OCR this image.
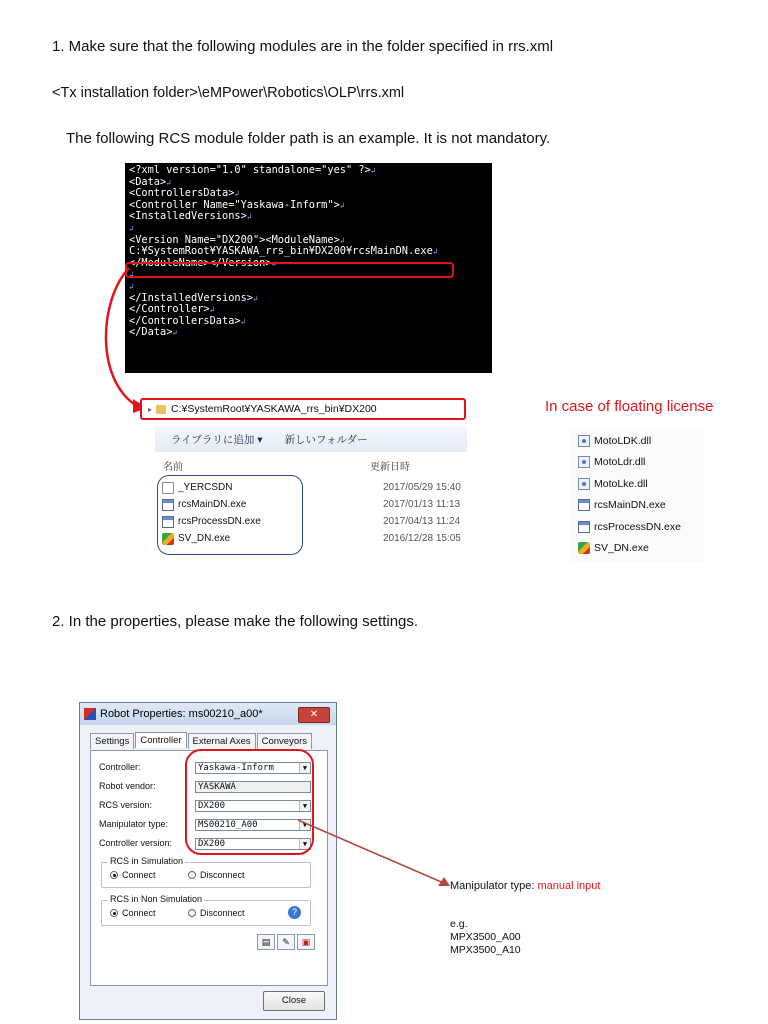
1. Make sure that the following modules are in the folder specified in rrs.xml
<Tx installation folder>\eMPower\Robotics\OLP\rrs.xml
The following RCS module folder path is an example. It is not mandatory.
<?xml version="1.0" standalone="yes" ?>↲
<Data>↲
<ControllersData>↲
<Controller Name="Yaskawa-Inform">↲
<InstalledVersions>↲
↲
<Version Name="DX200"><ModuleName>↲
C:¥SystemRoot¥YASKAWA_rrs_bin¥DX200¥rcsMainDN.exe↲
</ModuleName></Version>↲
↲
↲
</InstalledVersions>↲
</Controller>↲
</ControllersData>↲
</Data>↲
▸ C:¥SystemRoot¥YASKAWA_rrs_bin¥DX200
ライブラリに追加 ▾ 新しいフォルダー
名前	更新日時
_YERCSDN	2017/05/29 15:40
rcsMainDN.exe	2017/01/13 11:13
rcsProcessDN.exe	2017/04/13 11:24
SV_DN.exe	2016/12/28 15:05
In case of floating license
MotoLDK.dll
MotoLdr.dll
MotoLke.dll
rcsMainDN.exe
rcsProcessDN.exe
SV_DN.exe
2. In the properties, please make the following settings.
Robot Properties: ms00210_a00*	✕
Settings	Controller	External Axes	Conveyors
Controller:	Yaskawa-Inform	▼
Robot vendor:	YASKAWA
RCS version:	DX200	▼
Manipulator type:	MS00210_A00	▼
Controller version:	DX200	▼
RCS in Simulation
Connect	Disconnect
RCS in Non Simulation
Connect	Disconnect	?
▤	✎	▣
Close
Manipulator type: manual input
e.g.
MPX3500_A00
MPX3500_A10
